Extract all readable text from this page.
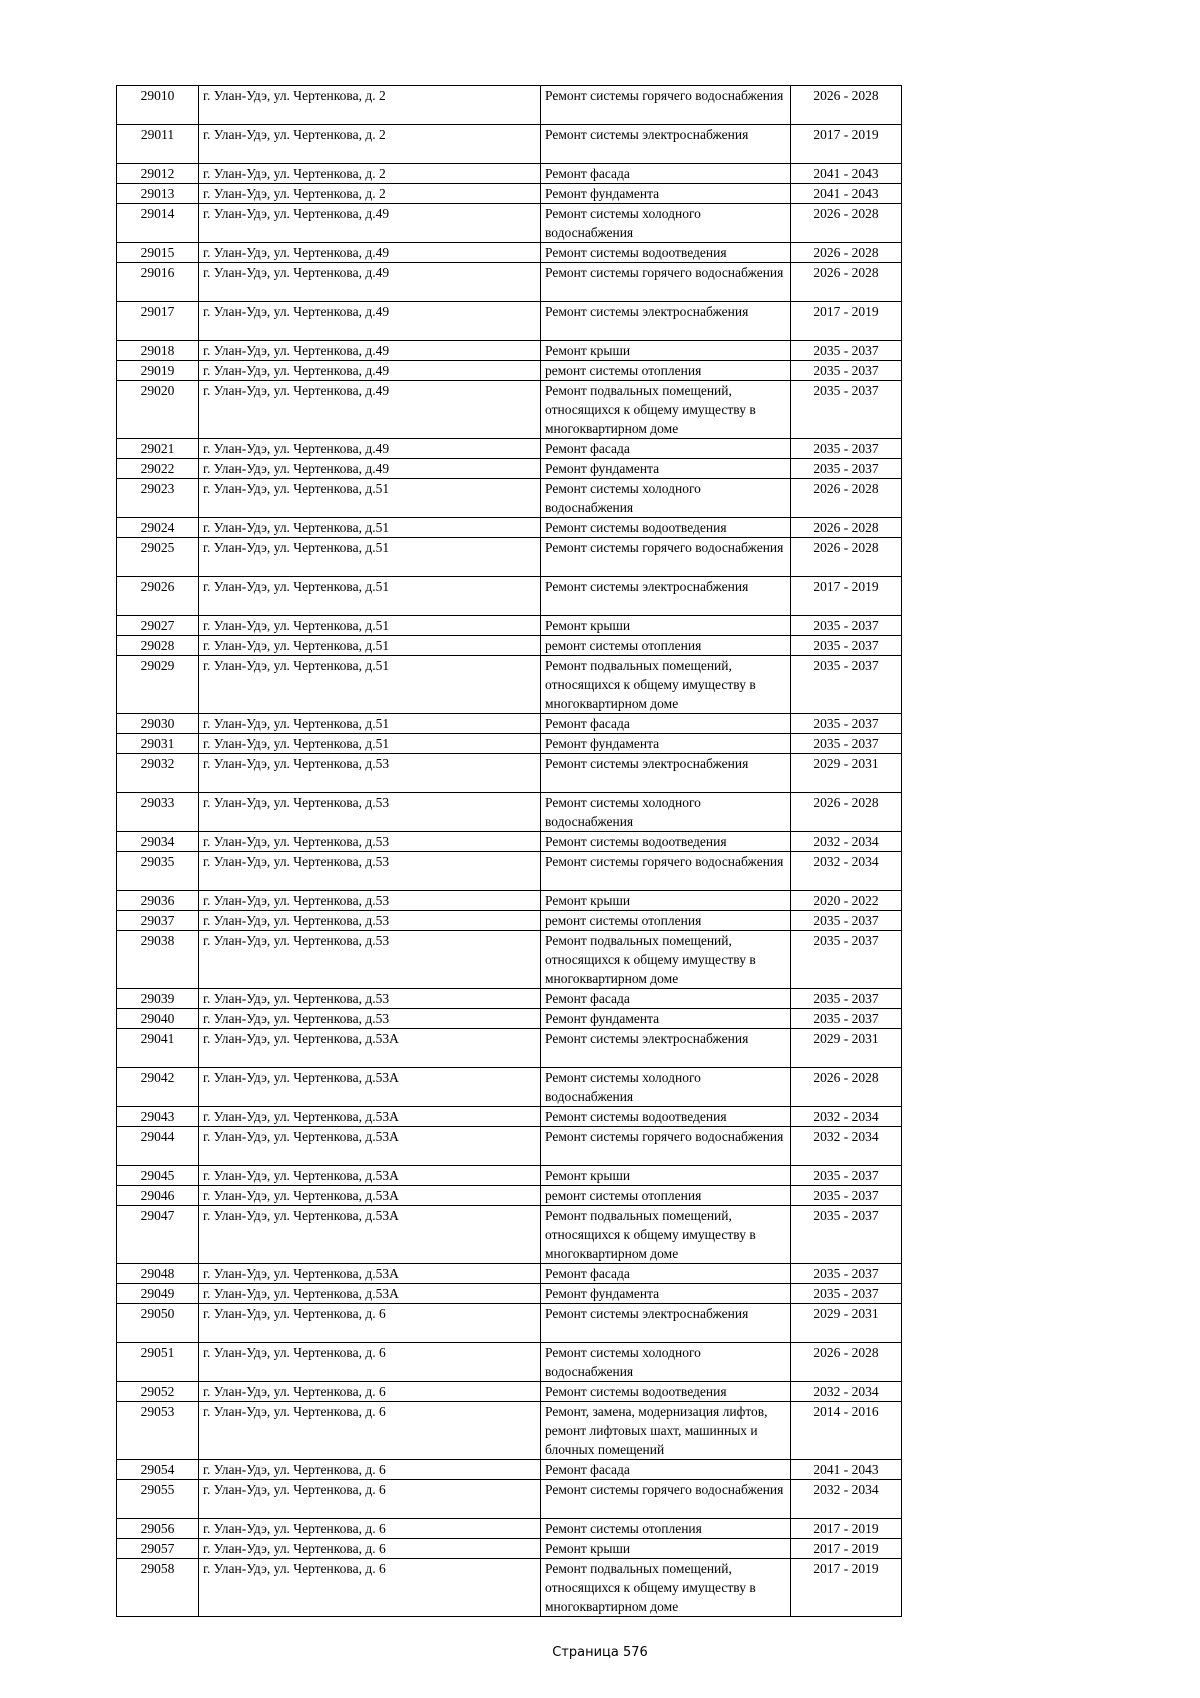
29010	г. Улан-Удэ, ул. Чертенкова, д. 2	Ремонт системы горячего водоснабжения	2026 - 2028
29011	г. Улан-Удэ, ул. Чертенкова, д. 2	Ремонт системы электроснабжения	2017 - 2019
29012	г. Улан-Удэ, ул. Чертенкова, д. 2	Ремонт фасада	2041 - 2043
29013	г. Улан-Удэ, ул. Чертенкова, д. 2	Ремонт фундамента	2041 - 2043
29014	г. Улан-Удэ, ул. Чертенкова, д.49	Ремонт системы холодного водоснабжения	2026 - 2028
29015	г. Улан-Удэ, ул. Чертенкова, д.49	Ремонт системы водоотведения	2026 - 2028
29016	г. Улан-Удэ, ул. Чертенкова, д.49	Ремонт системы горячего водоснабжения	2026 - 2028
29017	г. Улан-Удэ, ул. Чертенкова, д.49	Ремонт системы электроснабжения	2017 - 2019
29018	г. Улан-Удэ, ул. Чертенкова, д.49	Ремонт крыши	2035 - 2037
29019	г. Улан-Удэ, ул. Чертенкова, д.49	ремонт системы отопления	2035 - 2037
29020	г. Улан-Удэ, ул. Чертенкова, д.49	Ремонт подвальных помещений, относящихся к общему имуществу в многоквартирном доме	2035 - 2037
29021	г. Улан-Удэ, ул. Чертенкова, д.49	Ремонт фасада	2035 - 2037
29022	г. Улан-Удэ, ул. Чертенкова, д.49	Ремонт фундамента	2035 - 2037
29023	г. Улан-Удэ, ул. Чертенкова, д.51	Ремонт системы холодного водоснабжения	2026 - 2028
29024	г. Улан-Удэ, ул. Чертенкова, д.51	Ремонт системы водоотведения	2026 - 2028
29025	г. Улан-Удэ, ул. Чертенкова, д.51	Ремонт системы горячего водоснабжения	2026 - 2028
29026	г. Улан-Удэ, ул. Чертенкова, д.51	Ремонт системы электроснабжения	2017 - 2019
29027	г. Улан-Удэ, ул. Чертенкова, д.51	Ремонт крыши	2035 - 2037
29028	г. Улан-Удэ, ул. Чертенкова, д.51	ремонт системы отопления	2035 - 2037
29029	г. Улан-Удэ, ул. Чертенкова, д.51	Ремонт подвальных помещений, относящихся к общему имуществу в многоквартирном доме	2035 - 2037
29030	г. Улан-Удэ, ул. Чертенкова, д.51	Ремонт фасада	2035 - 2037
29031	г. Улан-Удэ, ул. Чертенкова, д.51	Ремонт фундамента	2035 - 2037
29032	г. Улан-Удэ, ул. Чертенкова, д.53	Ремонт системы электроснабжения	2029 - 2031
29033	г. Улан-Удэ, ул. Чертенкова, д.53	Ремонт системы холодного водоснабжения	2026 - 2028
29034	г. Улан-Удэ, ул. Чертенкова, д.53	Ремонт системы водоотведения	2032 - 2034
29035	г. Улан-Удэ, ул. Чертенкова, д.53	Ремонт системы горячего водоснабжения	2032 - 2034
29036	г. Улан-Удэ, ул. Чертенкова, д.53	Ремонт крыши	2020 - 2022
29037	г. Улан-Удэ, ул. Чертенкова, д.53	ремонт системы отопления	2035 - 2037
29038	г. Улан-Удэ, ул. Чертенкова, д.53	Ремонт подвальных помещений, относящихся к общему имуществу в многоквартирном доме	2035 - 2037
29039	г. Улан-Удэ, ул. Чертенкова, д.53	Ремонт фасада	2035 - 2037
29040	г. Улан-Удэ, ул. Чертенкова, д.53	Ремонт фундамента	2035 - 2037
29041	г. Улан-Удэ, ул. Чертенкова, д.53А	Ремонт системы электроснабжения	2029 - 2031
29042	г. Улан-Удэ, ул. Чертенкова, д.53А	Ремонт системы холодного водоснабжения	2026 - 2028
29043	г. Улан-Удэ, ул. Чертенкова, д.53А	Ремонт системы водоотведения	2032 - 2034
29044	г. Улан-Удэ, ул. Чертенкова, д.53А	Ремонт системы горячего водоснабжения	2032 - 2034
29045	г. Улан-Удэ, ул. Чертенкова, д.53А	Ремонт крыши	2035 - 2037
29046	г. Улан-Удэ, ул. Чертенкова, д.53А	ремонт системы отопления	2035 - 2037
29047	г. Улан-Удэ, ул. Чертенкова, д.53А	Ремонт подвальных помещений, относящихся к общему имуществу в многоквартирном доме	2035 - 2037
29048	г. Улан-Удэ, ул. Чертенкова, д.53А	Ремонт фасада	2035 - 2037
29049	г. Улан-Удэ, ул. Чертенкова, д.53А	Ремонт фундамента	2035 - 2037
29050	г. Улан-Удэ, ул. Чертенкова, д. 6	Ремонт системы электроснабжения	2029 - 2031
29051	г. Улан-Удэ, ул. Чертенкова, д. 6	Ремонт системы холодного водоснабжения	2026 - 2028
29052	г. Улан-Удэ, ул. Чертенкова, д. 6	Ремонт системы водоотведения	2032 - 2034
29053	г. Улан-Удэ, ул. Чертенкова, д. 6	Ремонт, замена, модернизация лифтов, ремонт лифтовых шахт, машинных и блочных помещений	2014 - 2016
29054	г. Улан-Удэ, ул. Чертенкова, д. 6	Ремонт фасада	2041 - 2043
29055	г. Улан-Удэ, ул. Чертенкова, д. 6	Ремонт системы горячего водоснабжения	2032 - 2034
29056	г. Улан-Удэ, ул. Чертенкова, д. 6	Ремонт системы отопления	2017 - 2019
29057	г. Улан-Удэ, ул. Чертенкова, д. 6	Ремонт крыши	2017 - 2019
29058	г. Улан-Удэ, ул. Чертенкова, д. 6	Ремонт подвальных помещений, относящихся к общему имуществу в многоквартирном доме	2017 - 2019
Страница 576
